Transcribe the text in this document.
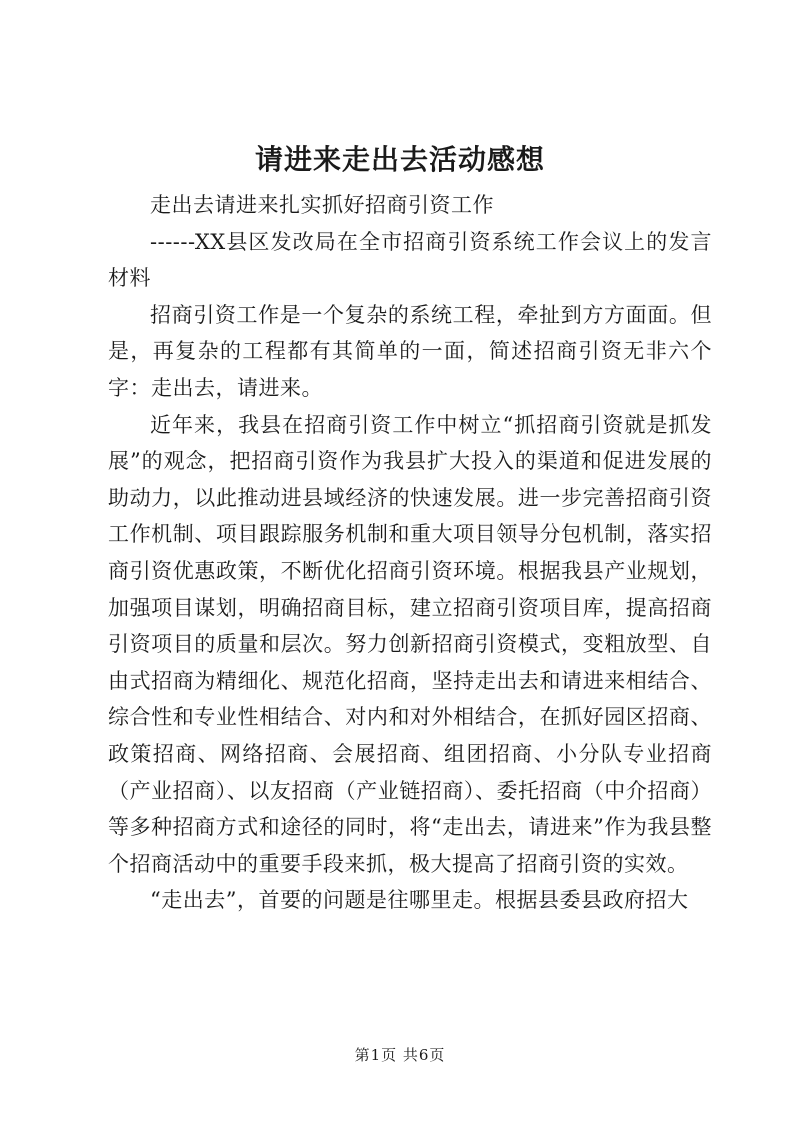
请进来走出去活动感想

走出去请进来扎实抓好招商引资工作

------XX县区发改局在全市招商引资系统工作会议上的发言材料

招商引资工作是一个复杂的系统工程，牵扯到方方面面。但是，再复杂的工程都有其简单的一面，简述招商引资无非六个字：走出去，请进来。

近年来，我县在招商引资工作中树立“抓招商引资就是抓发展”的观念，把招商引资作为我县扩大投入的渠道和促进发展的助动力，以此推动进县域经济的快速发展。进一步完善招商引资工作机制、项目跟踪服务机制和重大项目领导分包机制，落实招商引资优惠政策，不断优化招商引资环境。根据我县产业规划，加强项目谋划，明确招商目标，建立招商引资项目库，提高招商引资项目的质量和层次。努力创新招商引资模式，变粗放型、自由式招商为精细化、规范化招商，坚持走出去和请进来相结合、综合性和专业性相结合、对内和对外相结合，在抓好园区招商、政策招商、网络招商、会展招商、组团招商、小分队专业招商（产业招商）、以友招商（产业链招商）、委托招商（中介招商）等多种招商方式和途径的同时，将“走出去，请进来”作为我县整个招商活动中的重要手段来抓，极大提高了招商引资的实效。

“走出去”，首要的问题是往哪里走。根据县委县政府招大

第1页 共6页
